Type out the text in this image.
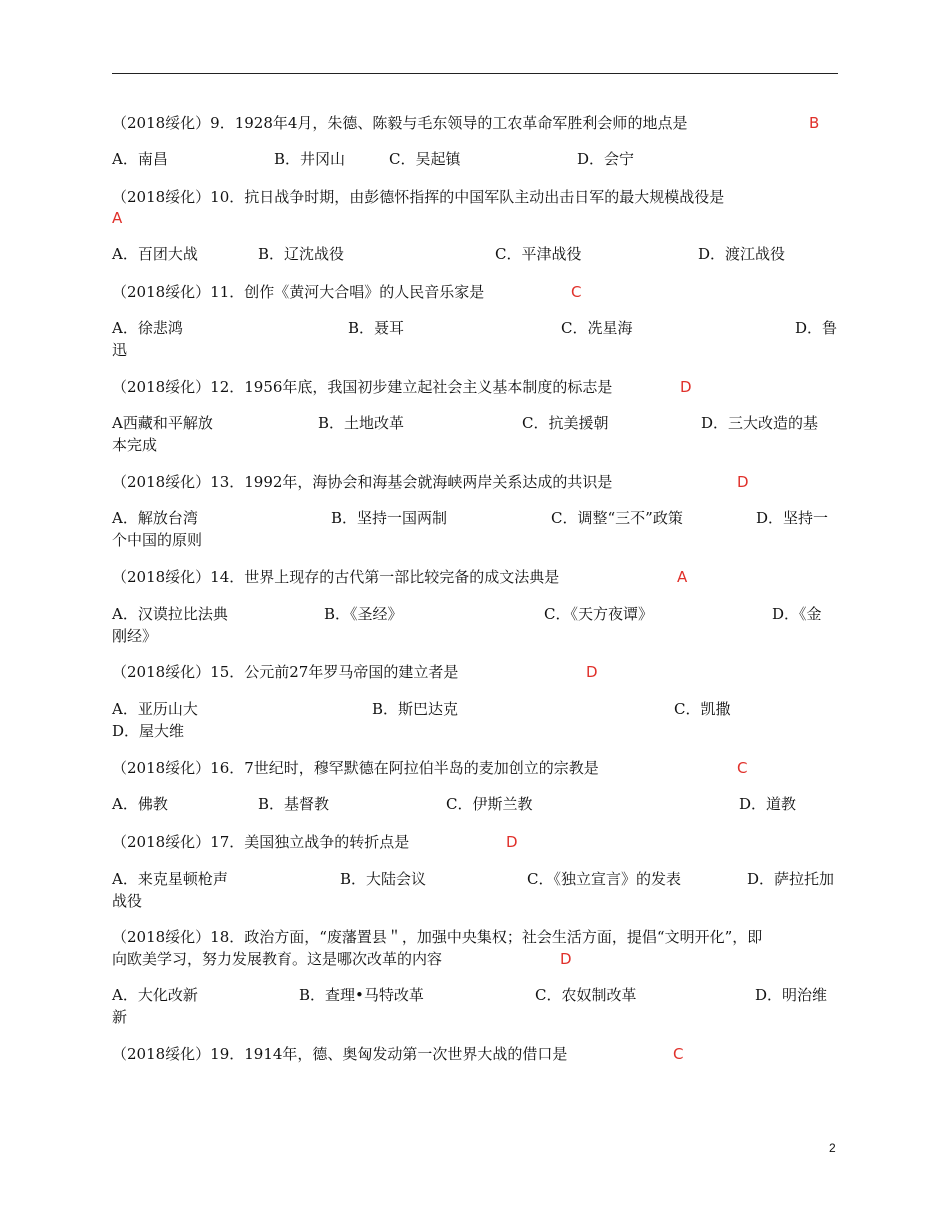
（2018绥化）9．1928年4月，朱德、陈毅与毛东领导的工农革命军胜利会师的地点是	B
A．南昌	B．井冈山	C．吴起镇	D．会宁
（2018绥化）10．抗日战争时期，由彭德怀指挥的中国军队主动出击日军的最大规模战役是
A
A．百团大战	B．辽沈战役	C．平津战役	D．渡江战役
（2018绥化）11．创作《黄河大合唱》的人民音乐家是	C
A．徐悲鸿	B．聂耳	C．冼星海	D．鲁
迅
（2018绥化）12．1956年底，我国初步建立起社会主义基本制度的标志是	D
A西藏和平解放	B．土地改革	C．抗美援朝	D．三大改造的基
本完成
（2018绥化）13．1992年，海协会和海基会就海峡两岸关系达成的共识是	D
A．解放台湾	B．坚持一国两制	C．调整“三不”政策	D．坚持一
个中国的原则
（2018绥化）14．世界上现存的古代第一部比较完备的成文法典是	A
A．汉谟拉比法典	B．《圣经》	C．《天方夜谭》	D．《金
刚经》
（2018绥化）15．公元前27年罗马帝国的建立者是	D
A．亚历山大	B．斯巴达克	C．凯撒
D．屋大维
（2018绥化）16．7世纪时，穆罕默德在阿拉伯半岛的麦加创立的宗教是	C
A．佛教	B．基督教	C．伊斯兰教	D．道教
（2018绥化）17．美国独立战争的转折点是	D
A．来克星顿枪声	B．大陆会议	C．《独立宣言》的发表	D．萨拉托加
战役
（2018绥化）18．政治方面，“废藩置县＂，加强中央集权；社会生活方面，提倡“文明开化”，即
向欧美学习，努力发展教育。这是哪次改革的内容	D
A．大化改新	B．查理•马特改革	C．农奴制改革	D．明治维
新
（2018绥化）19．1914年，德、奥匈发动第一次世界大战的借口是	C
2
